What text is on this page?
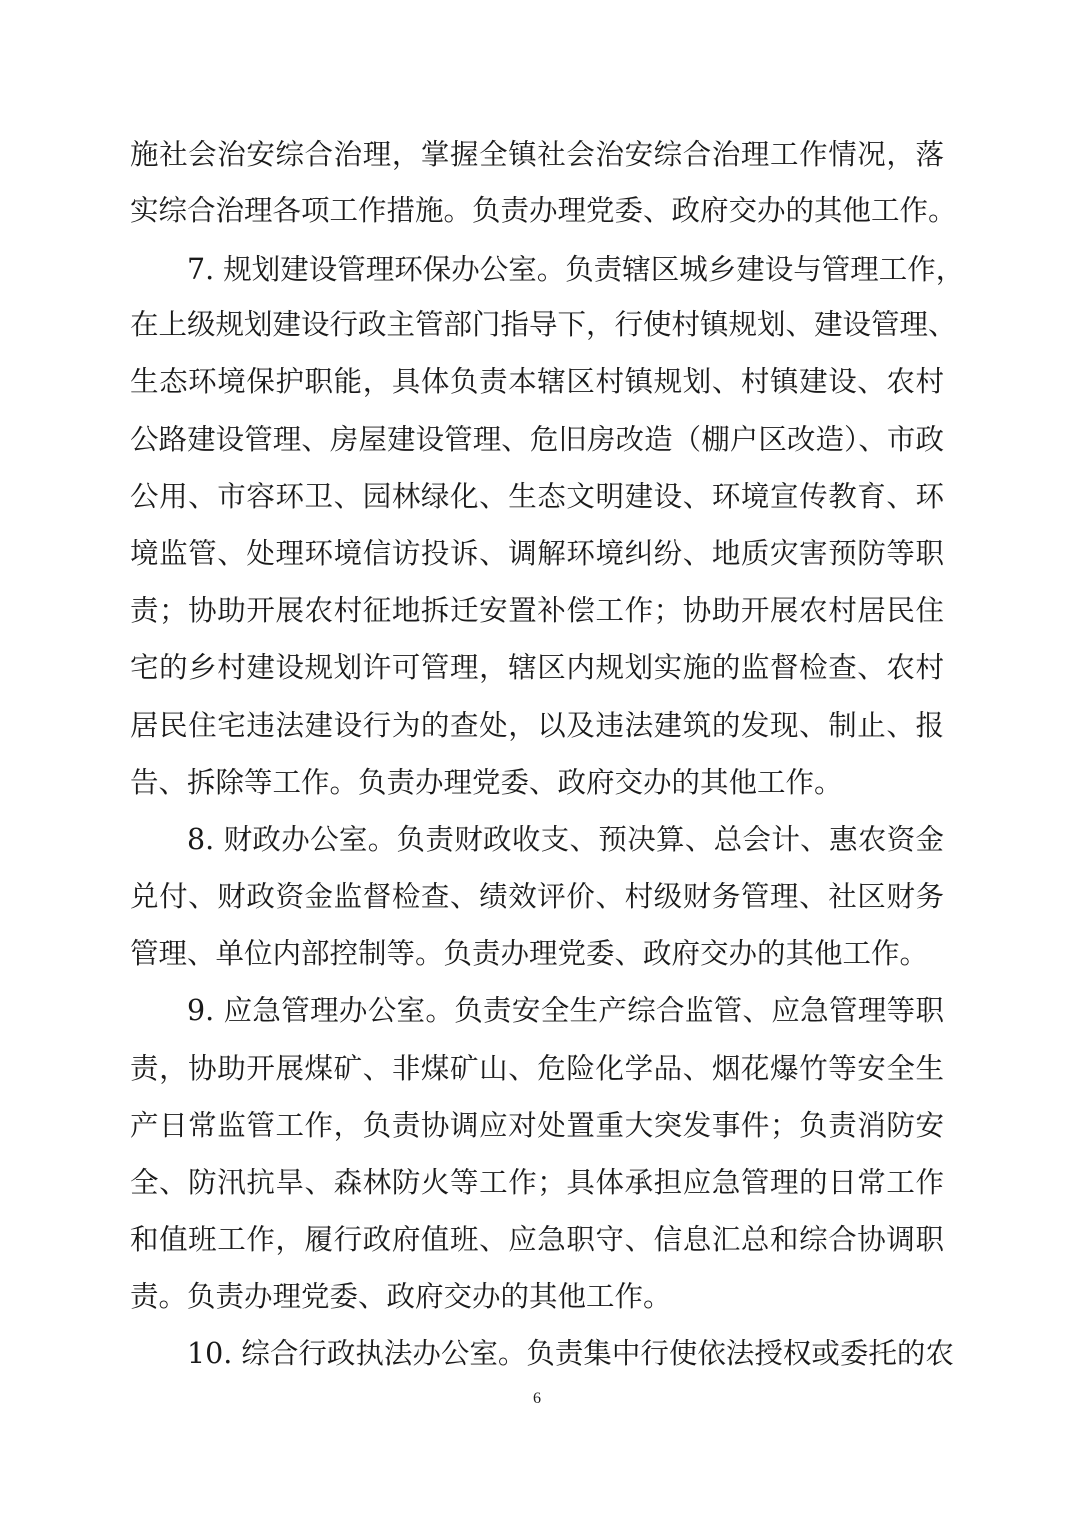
施社会治安综合治理，掌握全镇社会治安综合治理工作情况，落
实综合治理各项工作措施。负责办理党委、政府交办的其他工作。
7. 规划建设管理环保办公室。负责辖区城乡建设与管理工作，
在上级规划建设行政主管部门指导下，行使村镇规划、建设管理、
生态环境保护职能，具体负责本辖区村镇规划、村镇建设、农村
公路建设管理、房屋建设管理、危旧房改造（棚户区改造）、市政
公用、市容环卫、园林绿化、生态文明建设、环境宣传教育、环
境监管、处理环境信访投诉、调解环境纠纷、地质灾害预防等职
责；协助开展农村征地拆迁安置补偿工作；协助开展农村居民住
宅的乡村建设规划许可管理，辖区内规划实施的监督检查、农村
居民住宅违法建设行为的查处，以及违法建筑的发现、制止、报
告、拆除等工作。负责办理党委、政府交办的其他工作。
8. 财政办公室。负责财政收支、预决算、总会计、惠农资金
兑付、财政资金监督检查、绩效评价、村级财务管理、社区财务
管理、单位内部控制等。负责办理党委、政府交办的其他工作。
9. 应急管理办公室。负责安全生产综合监管、应急管理等职
责，协助开展煤矿、非煤矿山、危险化学品、烟花爆竹等安全生
产日常监管工作，负责协调应对处置重大突发事件；负责消防安
全、防汛抗旱、森林防火等工作；具体承担应急管理的日常工作
和值班工作，履行政府值班、应急职守、信息汇总和综合协调职
责。负责办理党委、政府交办的其他工作。
10. 综合行政执法办公室。负责集中行使依法授权或委托的农
6
